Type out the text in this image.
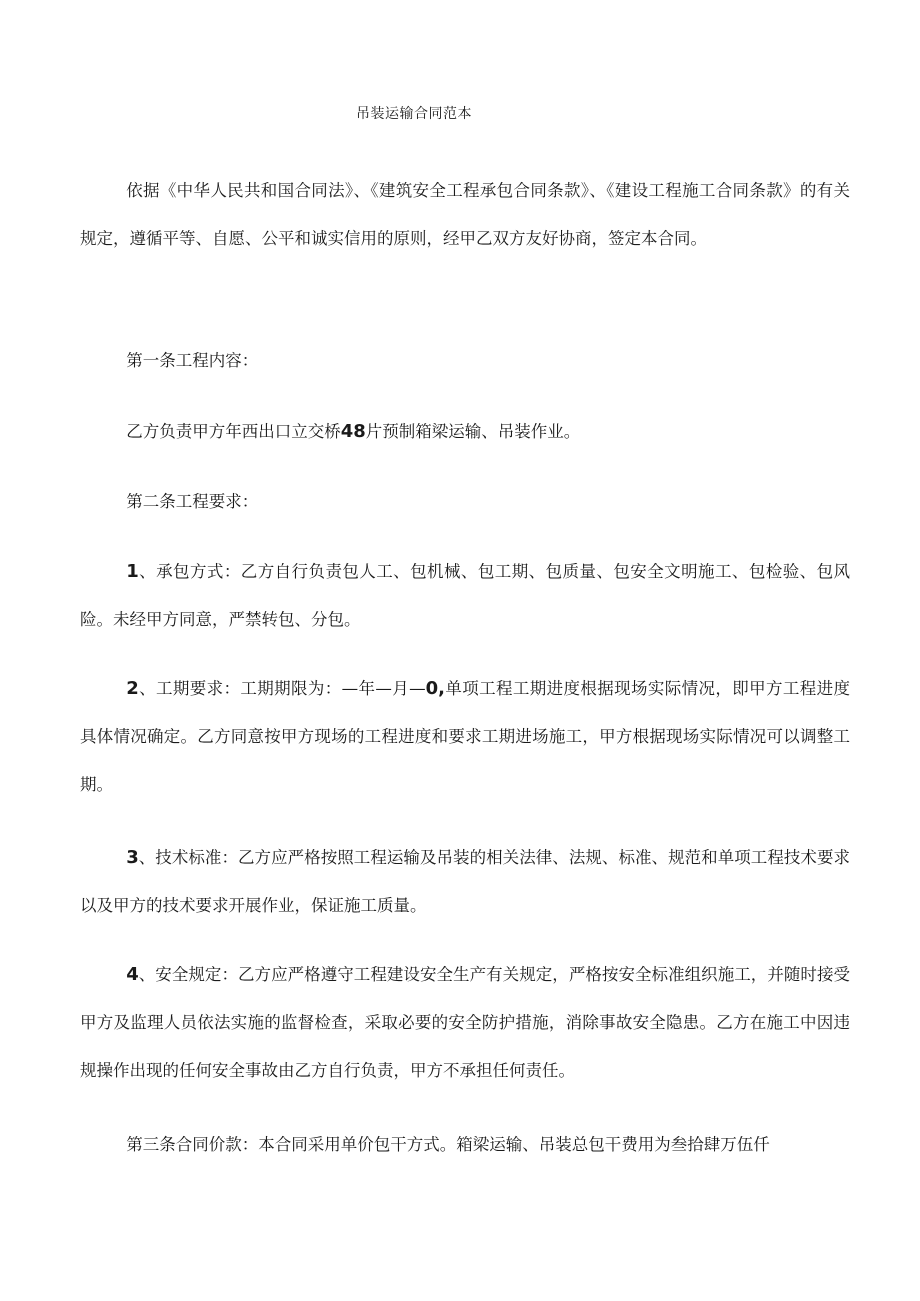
吊装运输合同范本

依据《中华人民共和国合同法》、《建筑安全工程承包合同条款》、《建设工程施工合同条款》的有关规定，遵循平等、自愿、公平和诚实信用的原则，经甲乙双方友好协商，签定本合同。

第一条工程内容：

乙方负责甲方年西出口立交桥48片预制箱梁运输、吊装作业。

第二条工程要求：

1、承包方式：乙方自行负责包人工、包机械、包工期、包质量、包安全文明施工、包检验、包风险。未经甲方同意，严禁转包、分包。

2、工期要求：工期期限为：—年—月—0,单项工程工期进度根据现场实际情况，即甲方工程进度具体情况确定。乙方同意按甲方现场的工程进度和要求工期进场施工，甲方根据现场实际情况可以调整工期。

3、技术标准：乙方应严格按照工程运输及吊装的相关法律、法规、标准、规范和单项工程技术要求以及甲方的技术要求开展作业，保证施工质量。

4、安全规定：乙方应严格遵守工程建设安全生产有关规定，严格按安全标准组织施工，并随时接受甲方及监理人员依法实施的监督检查，采取必要的安全防护措施，消除事故安全隐患。乙方在施工中因违规操作出现的任何安全事故由乙方自行负责，甲方不承担任何责任。

第三条合同价款：本合同采用单价包干方式。箱梁运输、吊装总包干费用为叁拾肆万伍仟
